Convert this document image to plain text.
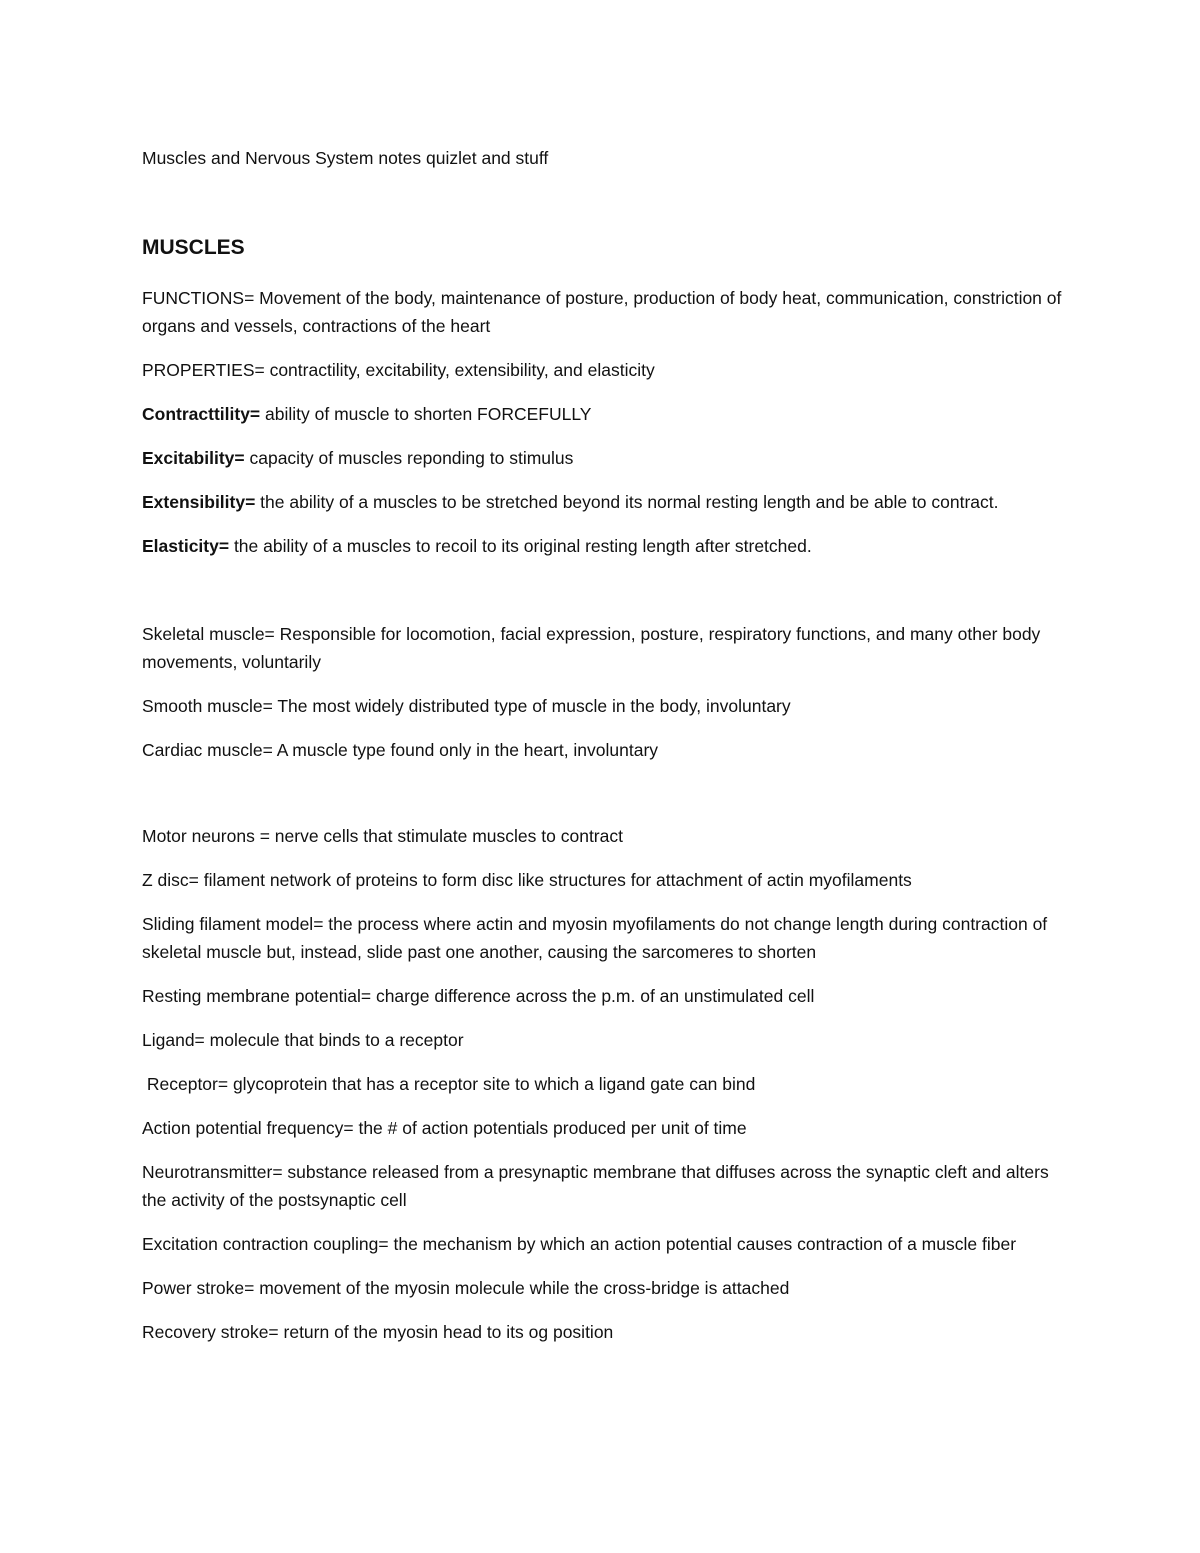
Muscles and Nervous System notes quizlet and stuff

MUSCLES

FUNCTIONS= Movement of the body, maintenance of posture, production of body heat, communication, constriction of organs and vessels, contractions of the heart

PROPERTIES= contractility, excitability, extensibility, and elasticity

Contracttility= ability of muscle to shorten FORCEFULLY

Excitability= capacity of muscles reponding to stimulus

Extensibility= the ability of a muscles to be stretched beyond its normal resting length and be able to contract.

Elasticity= the ability of a muscles to recoil to its original resting length after stretched.

Skeletal muscle= Responsible for locomotion, facial expression, posture, respiratory functions, and many other body movements, voluntarily

Smooth muscle= The most widely distributed type of muscle in the body, involuntary

Cardiac muscle= A muscle type found only in the heart, involuntary

Motor neurons = nerve cells that stimulate muscles to contract

Z disc= filament network of proteins to form disc like structures for attachment of actin myofilaments

Sliding filament model= the process where actin and myosin myofilaments do not change length during contraction of skeletal muscle but, instead, slide past one another, causing the sarcomeres to shorten

Resting membrane potential= charge difference across the p.m. of an unstimulated cell

Ligand= molecule that binds to a receptor

Receptor= glycoprotein that has a receptor site to which a ligand gate can bind

Action potential frequency= the # of action potentials produced per unit of time

Neurotransmitter= substance released from a presynaptic membrane that diffuses across the synaptic cleft and alters the activity of the postsynaptic cell

Excitation contraction coupling= the mechanism by which an action potential causes contraction of a muscle fiber

Power stroke= movement of the myosin molecule while the cross-bridge is attached

Recovery stroke= return of the myosin head to its og position
